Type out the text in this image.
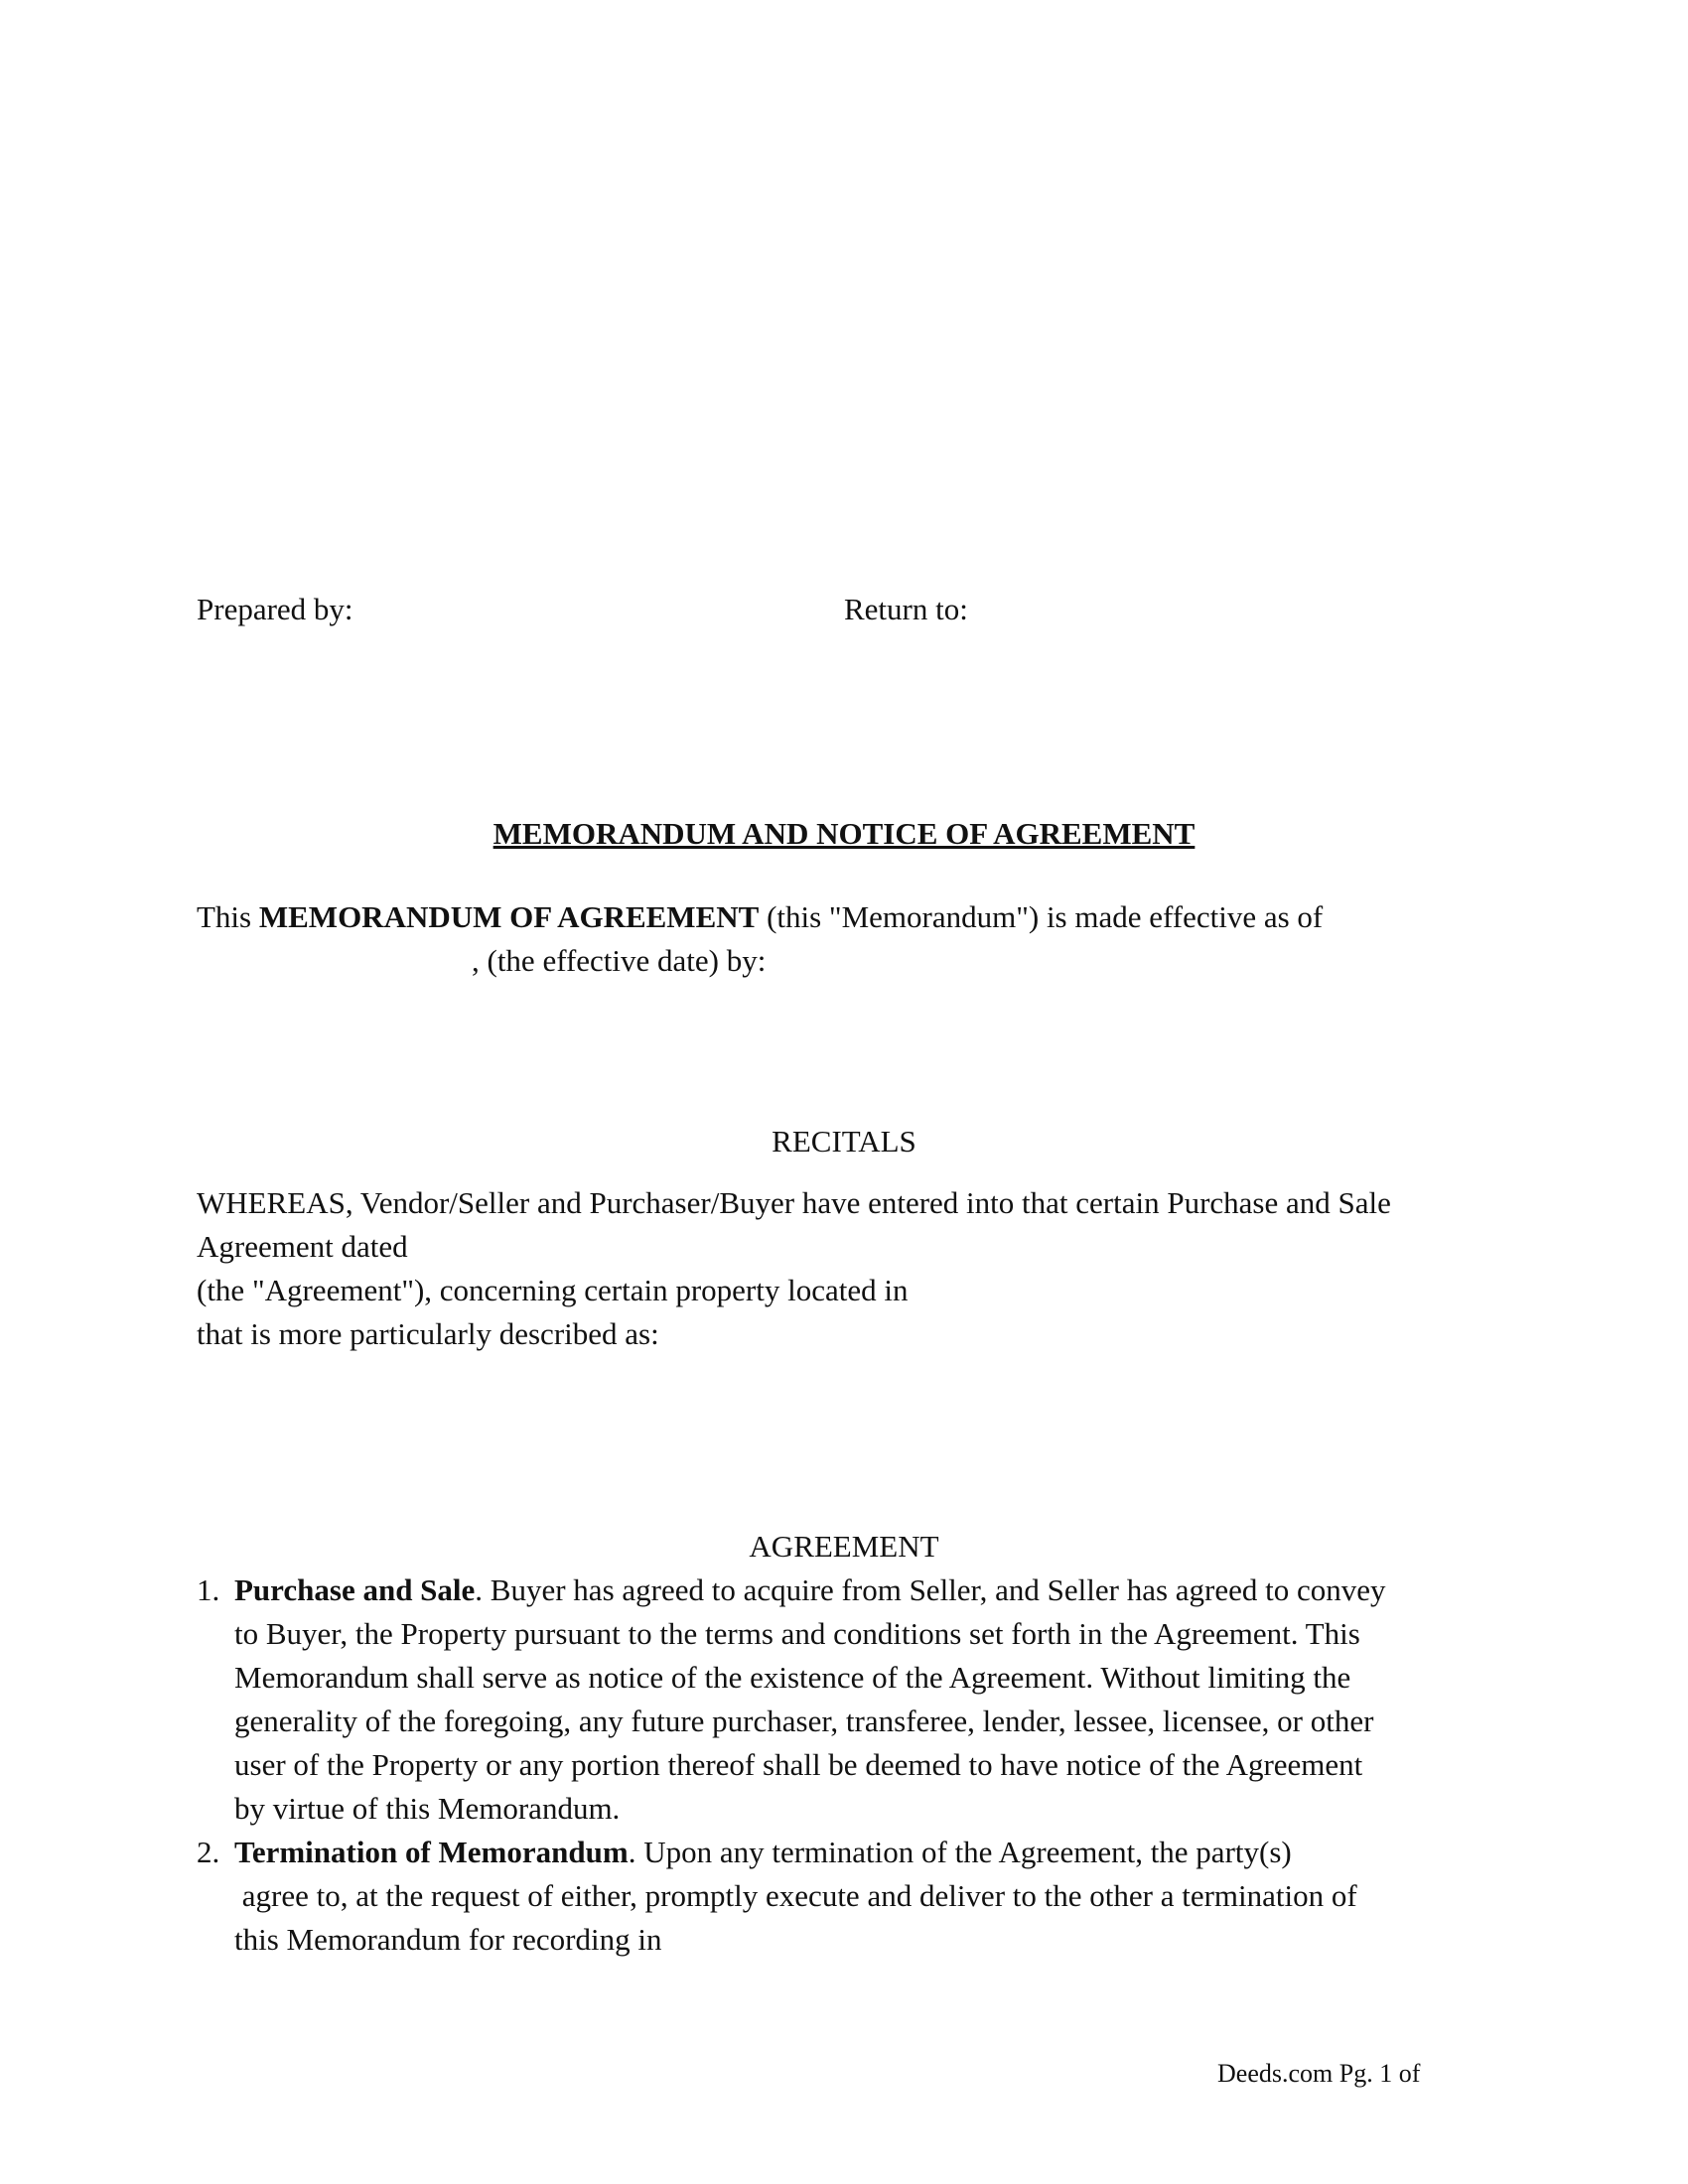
Prepared by:	Return to:
MEMORANDUM AND NOTICE OF AGREEMENT
This MEMORANDUM OF AGREEMENT (this "Memorandum") is made effective as of
, (the effective date) by:
RECITALS
WHEREAS, Vendor/Seller and Purchaser/Buyer have entered into that certain Purchase and Sale
Agreement dated
(the "Agreement"), concerning certain property located in
that is more particularly described as:
AGREEMENT
1. Purchase and Sale. Buyer has agreed to acquire from Seller, and Seller has agreed to convey
to Buyer, the Property pursuant to the terms and conditions set forth in the Agreement. This
Memorandum shall serve as notice of the existence of the Agreement. Without limiting the
generality of the foregoing, any future purchaser, transferee, lender, lessee, licensee, or other
user of the Property or any portion thereof shall be deemed to have notice of the Agreement
by virtue of this Memorandum.
2. Termination of Memorandum. Upon any termination of the Agreement, the party(s)
agree to, at the request of either, promptly execute and deliver to the other a termination of
this Memorandum for recording in
Deeds.com Pg. 1 of
